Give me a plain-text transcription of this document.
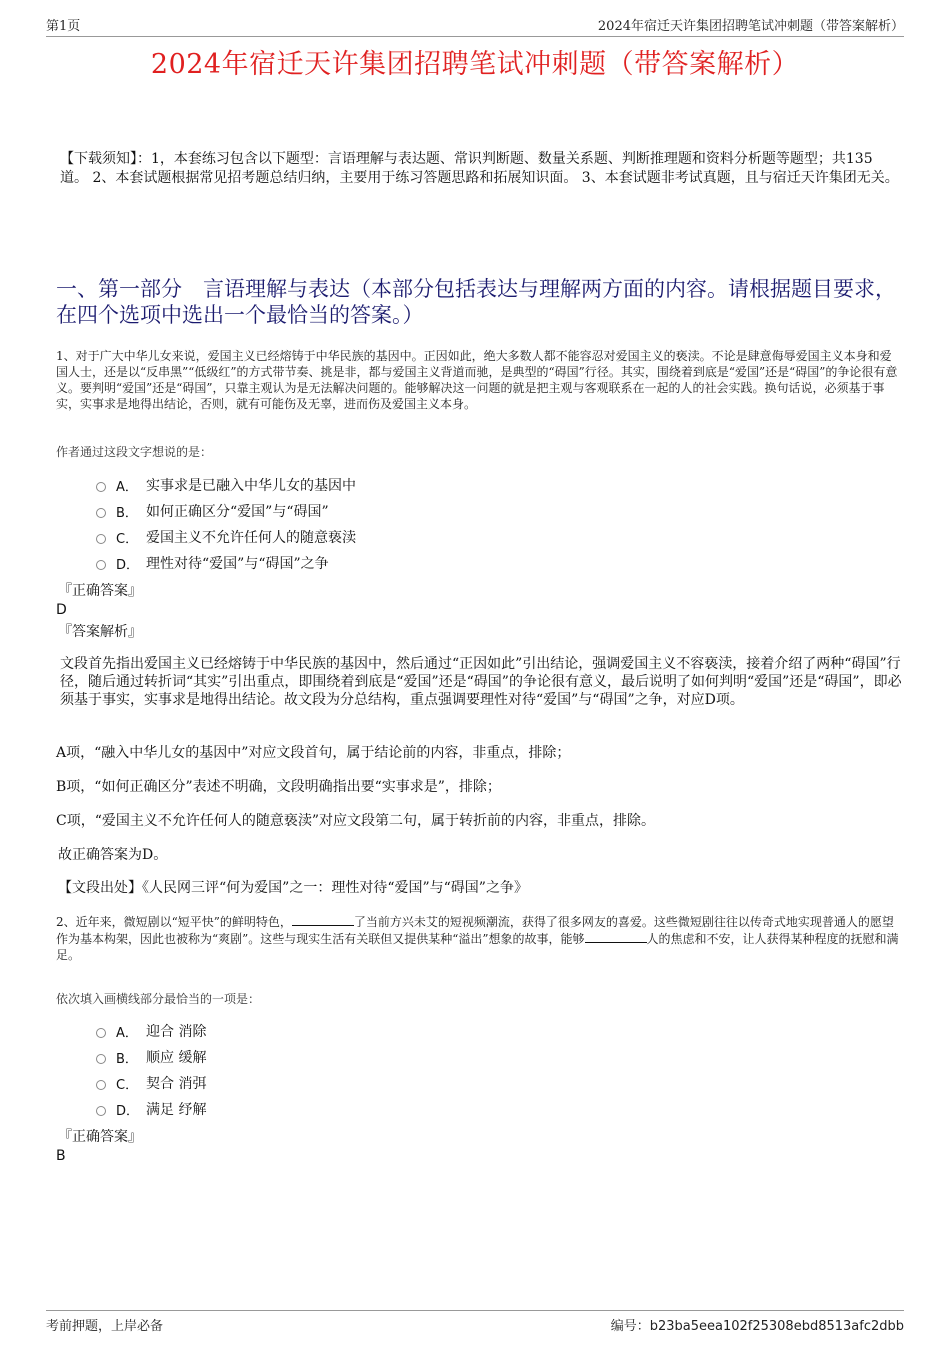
第1页	2024年宿迁天许集团招聘笔试冲刺题（带答案解析）
2024年宿迁天许集团招聘笔试冲刺题（带答案解析）
【下载须知】：1，本套练习包含以下题型：言语理解与表达题、常识判断题、数量关系题、判断推理题和资料分析题等题型；共135道。 2、本套试题根据常见招考题总结归纳，主要用于练习答题思路和拓展知识面。 3、本套试题非考试真题，且与宿迁天许集团无关。
一、第一部分　言语理解与表达（本部分包括表达与理解两方面的内容。请根据题目要求，在四个选项中选出一个最恰当的答案。）
1、对于广大中华儿女来说，爱国主义已经熔铸于中华民族的基因中。正因如此，绝大多数人都不能容忍对爱国主义的亵渎。不论是肆意侮辱爱国主义本身和爱国人士，还是以“反串黑”“低级红”的方式带节奏、挑是非，都与爱国主义背道而驰，是典型的“碍国”行径。其实，围绕着到底是“爱国”还是“碍国”的争论很有意义。要判明“爱国”还是“碍国”，只靠主观认为是无法解决问题的。能够解决这一问题的就是把主观与客观联系在一起的人的社会实践。换句话说，必须基于事实，实事求是地得出结论，否则，就有可能伤及无辜，进而伤及爱国主义本身。
作者通过这段文字想说的是：
A． 实事求是已融入中华儿女的基因中
B． 如何正确区分“爱国”与“碍国”
C． 爱国主义不允许任何人的随意亵渎
D． 理性对待“爱国”与“碍国”之争
『正确答案』
D
『答案解析』
文段首先指出爱国主义已经熔铸于中华民族的基因中，然后通过“正因如此”引出结论，强调爱国主义不容亵渎，接着介绍了两种“碍国”行径，随后通过转折词“其实”引出重点，即围绕着到底是“爱国”还是“碍国”的争论很有意义，最后说明了如何判明“爱国”还是“碍国”，即必须基于事实，实事求是地得出结论。故文段为分总结构，重点强调要理性对待“爱国”与“碍国”之争，对应D项。
A项，“融入中华儿女的基因中”对应文段首句，属于结论前的内容，非重点，排除；
B项，“如何正确区分”表述不明确，文段明确指出要“实事求是”，排除；
C项，“爱国主义不允许任何人的随意亵渎”对应文段第二句，属于转折前的内容，非重点，排除。
故正确答案为D。
【文段出处】《人民网三评“何为爱国”之一：理性对待“爱国”与“碍国”之争》
2、近年来，微短剧以“短平快”的鲜明特色，	了当前方兴未艾的短视频潮流，获得了很多网友的喜爱。这些微短剧往往以传奇式地实现普通人的愿望作为基本构架，因此也被称为“爽剧”。这些与现实生活有关联但又提供某种“溢出”想象的故事，能够	人的焦虑和不安，让人获得某种程度的抚慰和满足。
依次填入画横线部分最恰当的一项是：
A． 迎合 消除
B． 顺应 缓解
C． 契合 消弭
D． 满足 纾解
『正确答案』
B
考前押题，上岸必备	编号：b23ba5eea102f25308ebd8513afc2dbb
